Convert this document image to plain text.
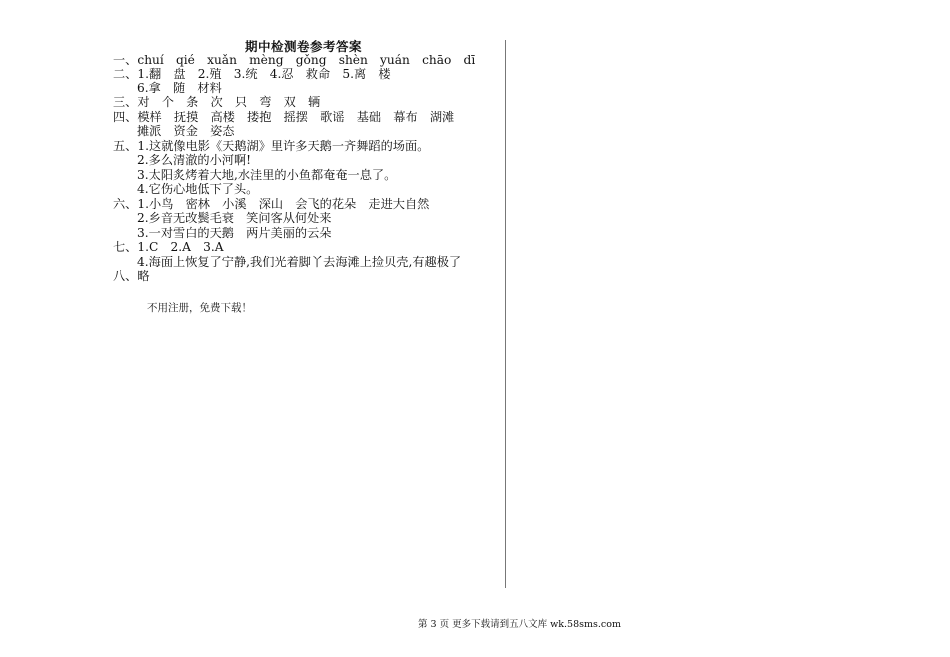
期中检测卷参考答案
一、chuí　qié　xuǎn　mèng　gǒng　shèn　yuán　chāo　dī
二、1.翻　盘　2.殖　3.统　4.忍　救命　5.离　楼
6.拿　随　材料
三、对　个　条　次　只　弯　双　辆
四、模样　抚摸　高楼　搂抱　摇摆　歌谣　基础　幕布　湖滩
摊派　资金　姿态
五、1.这就像电影《天鹅湖》里许多天鹅一齐舞蹈的场面。
2.多么清澈的小河啊!
3.太阳炙烤着大地,水洼里的小鱼都奄奄一息了。
4.它伤心地低下了头。
六、1.小鸟　密林　小溪　深山　会飞的花朵　走进大自然
2.乡音无改鬓毛衰　笑问客从何处来
3.一对雪白的天鹅　两片美丽的云朵
七、1.C　2.A　3.A
4.海面上恢复了宁静,我们光着脚丫去海滩上捡贝壳,有趣极了
八、略
不用注册，免费下载！
第 3 页 更多下载请到五八文库 wk.58sms.com
